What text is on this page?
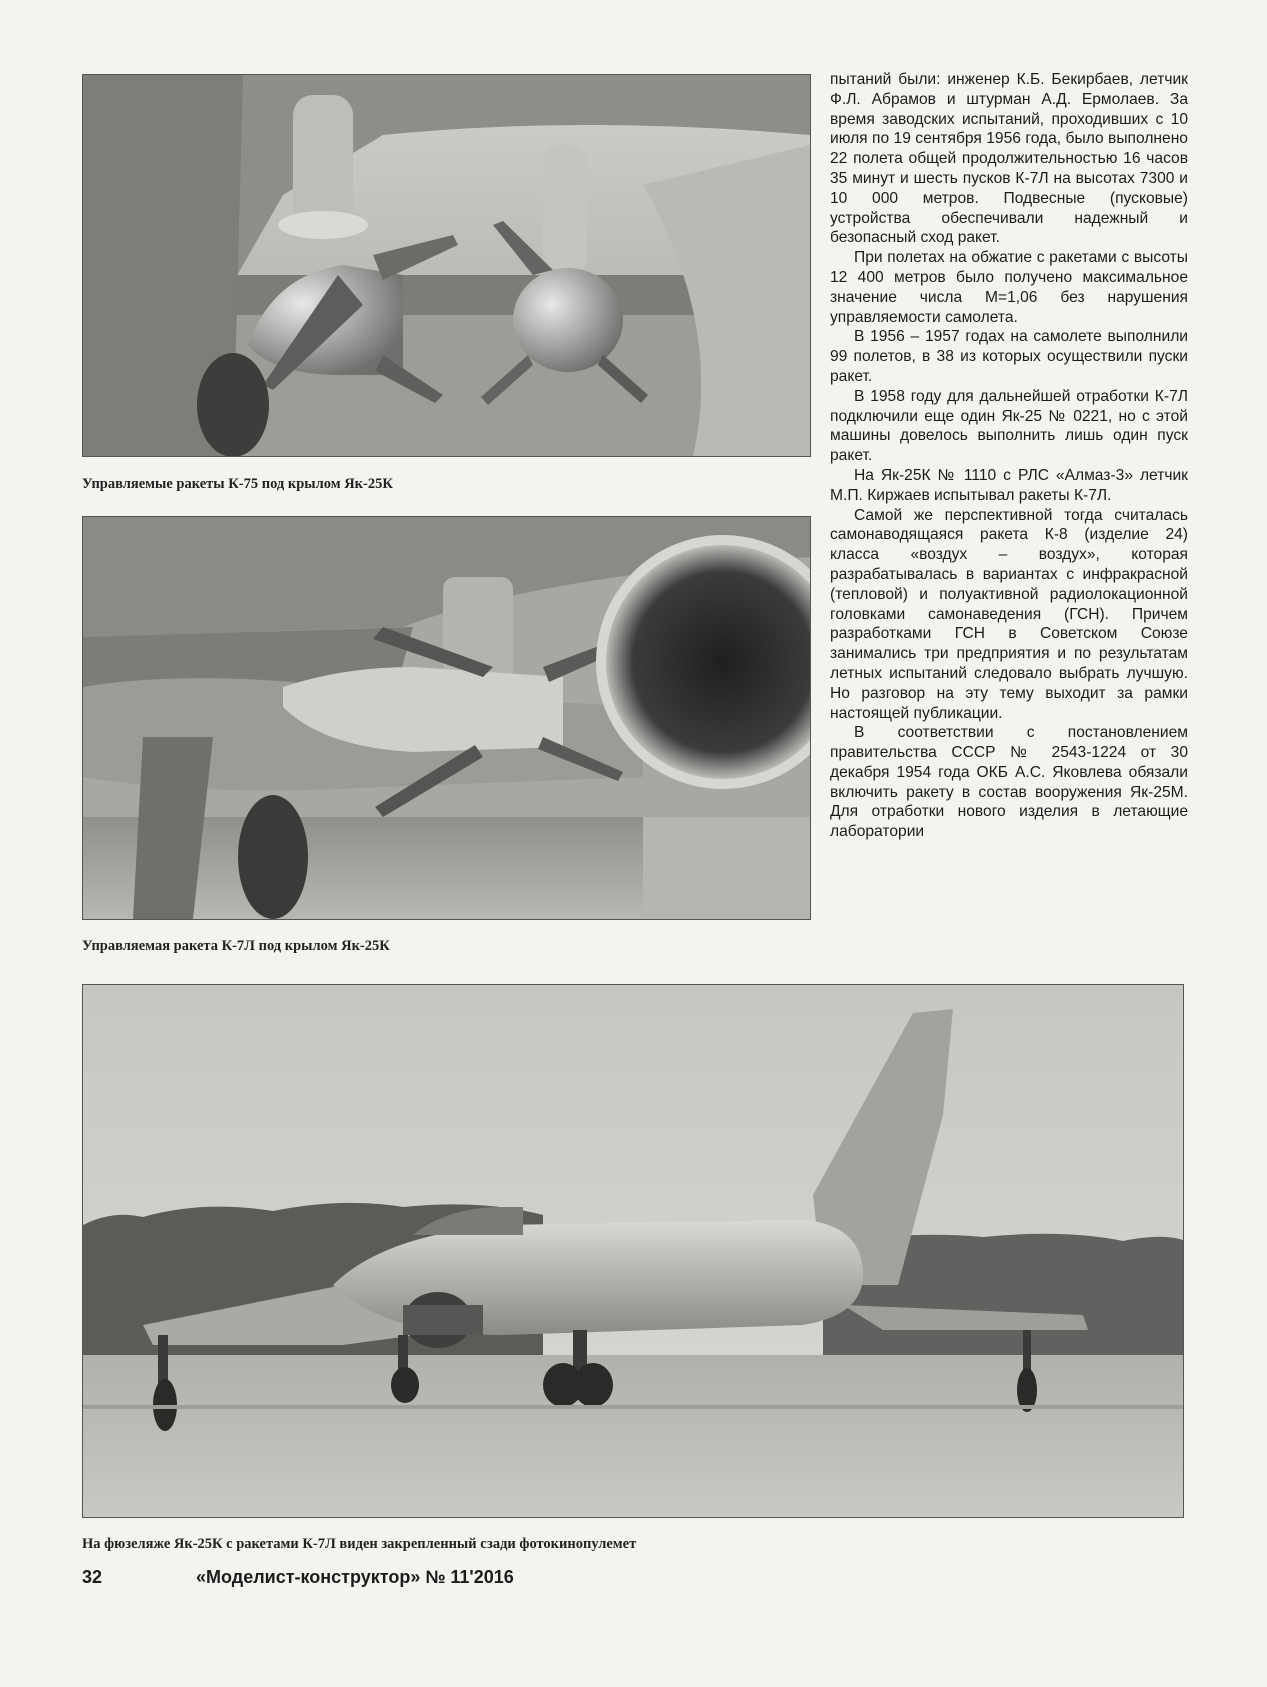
Управляемые ракеты К-75 под крылом Як-25К

Управляемая ракета К-7Л под крылом Як-25К

На фюзеляже Як-25К с ракетами К-7Л виден закрепленный сзади фотокинопулемет

пытаний были: инженер К.Б. Бекирбаев, летчик Ф.Л. Абрамов и штурман А.Д. Ермолаев. За время заводских испытаний, проходивших с 10 июля по 19 сентября 1956 года, было выполнено 22 полета общей продолжительностью 16 часов 35 минут и шесть пусков К-7Л на высотах 7300 и 10 000 метров. Подвесные (пусковые) устройства обеспечивали надежный и безопасный сход ракет.

При полетах на обжатие с ракетами с высоты 12 400 метров было получено максимальное значение числа М=1,06 без нарушения управляемости самолета.

В 1956 – 1957 годах на самолете выполнили 99 полетов, в 38 из которых осуществили пуски ракет.

В 1958 году для дальнейшей отработки К-7Л подключили еще один Як-25 № 0221, но с этой машины довелось выполнить лишь один пуск ракет.

На Як-25К № 1110 с РЛС «Алмаз-3» летчик М.П. Киржаев испытывал ракеты К-7Л.

Самой же перспективной тогда считалась самонаводящаяся ракета К-8 (изделие 24) класса «воздух – воздух», которая разрабатывалась в вариантах с инфракрасной (тепловой) и полуактивной радиолокационной головками самонаведения (ГСН). Причем разработками ГСН в Советском Союзе занимались три предприятия и по результатам летных испытаний следовало выбрать лучшую. Но разговор на эту тему выходит за рамки настоящей публикации.

В соответствии с постановлением правительства СССР № 2543-1224 от 30 декабря 1954 года ОКБ А.С. Яковлева обязали включить ракету в состав вооружения Як-25М. Для отработки нового изделия в летающие лаборатории

32	«Моделист-конструктор» № 11'2016
